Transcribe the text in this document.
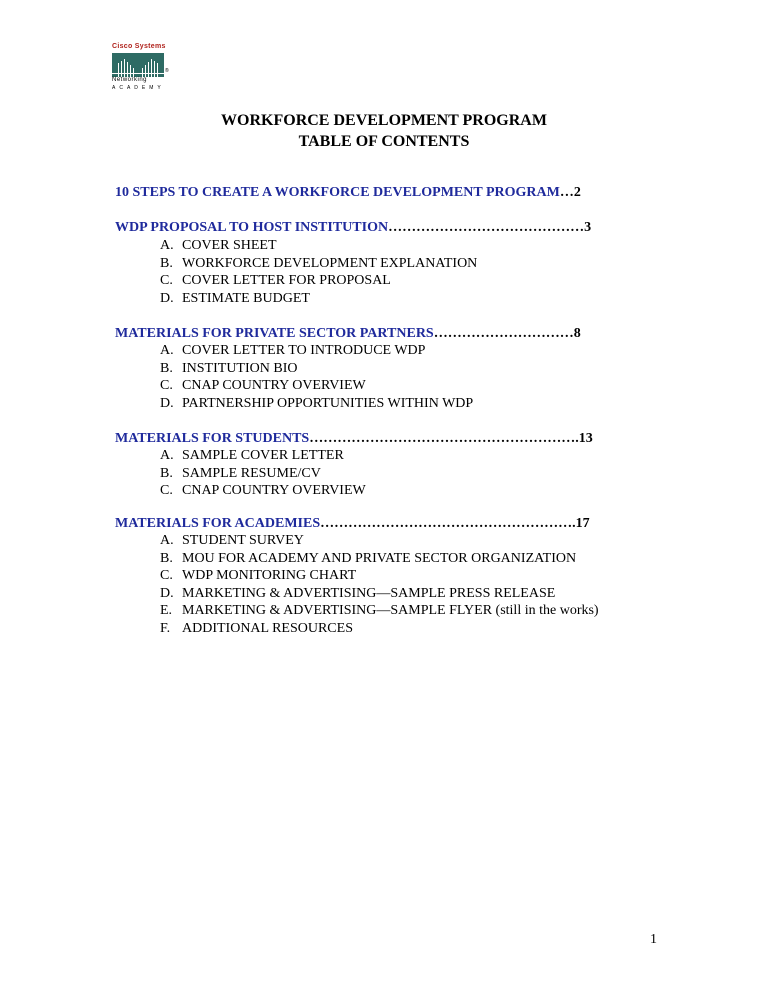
Cisco Systems
®
Networking
ACADEMY
WORKFORCE DEVELOPMENT PROGRAM
TABLE OF CONTENTS
10 STEPS TO CREATE A WORKFORCE DEVELOPMENT PROGRAM…2
WDP PROPOSAL TO HOST INSTITUTION……………………………………3
A. COVER SHEET
B. WORKFORCE DEVELOPMENT EXPLANATION
C. COVER LETTER FOR PROPOSAL
D. ESTIMATE BUDGET
MATERIALS FOR PRIVATE SECTOR PARTNERS…………………………8
A. COVER LETTER TO INTRODUCE WDP
B. INSTITUTION BIO
C. CNAP COUNTRY OVERVIEW
D. PARTNERSHIP OPPORTUNITIES WITHIN WDP
MATERIALS FOR STUDENTS………………………………………………….13
A. SAMPLE COVER LETTER
B. SAMPLE RESUME/CV
C. CNAP COUNTRY OVERVIEW
MATERIALS FOR ACADEMIES……………………………………………….17
A. STUDENT SURVEY
B. MOU FOR ACADEMY AND PRIVATE SECTOR ORGANIZATION
C. WDP MONITORING CHART
D. MARKETING & ADVERTISING—SAMPLE PRESS RELEASE
E. MARKETING & ADVERTISING—SAMPLE FLYER (still in the works)
F. ADDITIONAL RESOURCES
1
